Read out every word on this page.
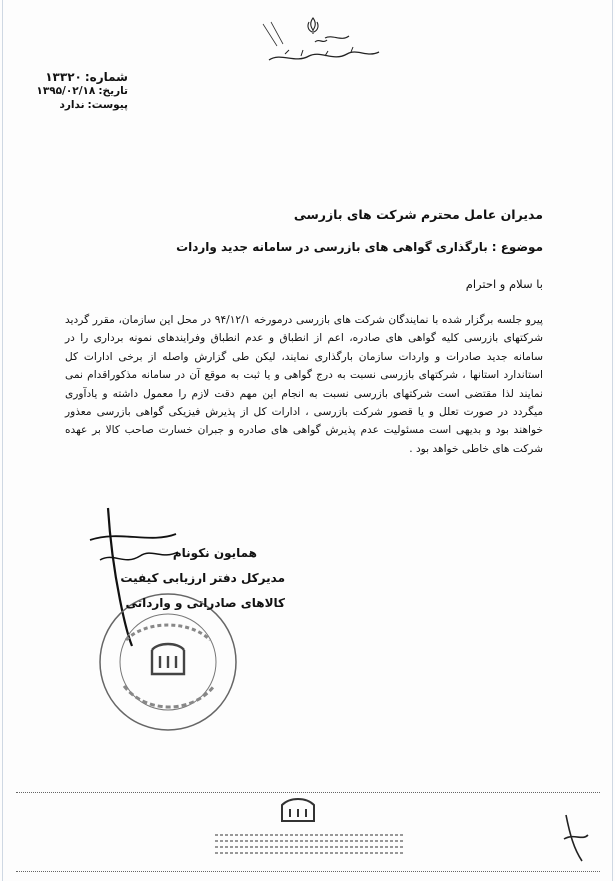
شماره:
۱۳۳۲۰
تاریخ:
۱۳۹۵/۰۲/۱۸
پیوست:
ندارد
مدیران عامل محترم شرکت های بازرسی
موضوع :
بارگذاری گواهی های بازرسی در سامانه جدید واردات
با سلام و احترام

پیرو جلسه برگزار شده با نمایندگان شرکت های بازرسی درمورخه ۹۴/۱۲/۱ در محل این سازمان، مقرر گردید شرکتهای بازرسی کلیه گواهی های صادره، اعم از انطباق و عدم انطباق وفرایندهای نمونه برداری را در سامانه جدید صادرات و واردات سازمان بارگذاری نمایند، لیکن طی گزارش واصله از برخی ادارات کل استاندارد استانها ، شرکتهای بازرسی نسبت به درج گواهی و یا ثبت به موقع آن در سامانه مذکوراقدام نمی نمایند لذا مقتضی است شرکتهای بازرسی نسبت به انجام این مهم دقت لازم را معمول داشته و یادآوری میگردد در صورت تعلل و یا قصور شرکت بازرسی ، ادارات کل از پذیرش فیزیکی گواهی بازرسی معذور خواهند بود و بدیهی است مسئولیت عدم پذیرش گواهی های صادره و جبران خسارت صاحب کالا بر عهده شرکت های خاطی خواهد بود .

همایون نکونام
مدیرکل دفتر ارزیابی کیفیت
کالاهای صادراتی و وارداتی
